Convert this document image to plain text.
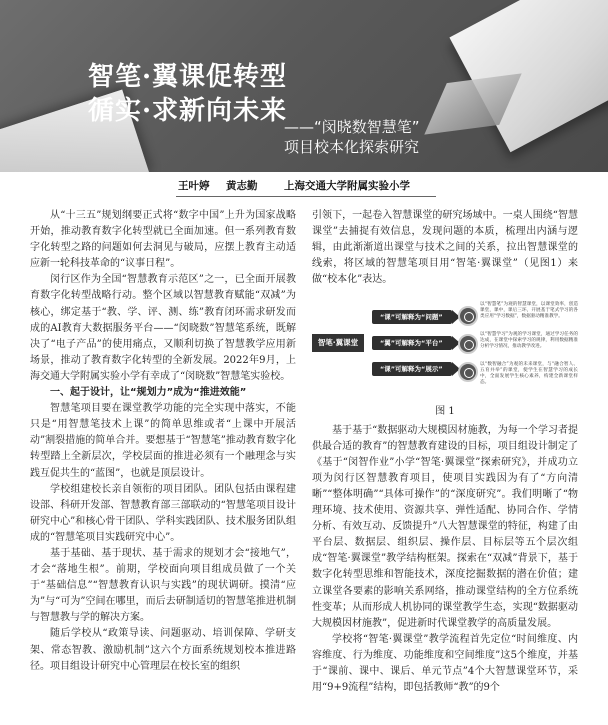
智笔·翼课促转型
循实·求新向未来
——“闵晓数智慧笔”
项目校本化探索研究
王叶婷 黄志勤	上海交通大学附属实验小学

从“十三五”规划纲要正式将“数字中国”上升为国家战略开始，推动教育数字化转型就已全面加速。但一系列教育数字化转型之路的问题如何去洞见与破局，应摆上教育主动适应新一轮科技革命的“议事日程”。

闵行区作为全国“智慧教育示范区”之一，已全面开展教育数字化转型战略行动。整个区域以智慧教育赋能“双减”为核心，绑定基于“教、学、评、测、练”教育闭环需求研发而成的AI教育大数据服务平台——“闵晓数”智慧笔系统，既解决了“电子产品”的使用痛点，又顺利切换了智慧教学应用新场景，推动了教育数字化转型的全新发展。2022年9月，上海交通大学附属实验小学有幸成了“闵晓数”智慧笔实验校。

一、起于设计，让“规划力”成为“推进效能”

智慧笔项目要在课堂教学功能的完全实现中落实，不能只是“用智慧笔技术上课”的简单思维或者“上课中开展活动”割裂措施的简单合并。要想基于“智慧笔”推动教育数字化转型踏上全新层次，学校层面的推进必须有一个融理念与实践互促共生的“蓝图”，也就是顶层设计。

学校组建校长亲自领衔的项目团队。团队包括由课程建设部、科研开发部、智慧教育部三部联动的“智慧笔项目设计研究中心”和核心骨干团队、学科实践团队、技术服务团队组成的“智慧笔项目实践研究中心”。

基于基础、基于现状、基于需求的规划才会“接地气”，才会“落地生根”。前期，学校面向项目组成员做了一个关于“基础信息”“智慧教育认识与实践”的现状调研。摸清“应为”与“可为”空间在哪里，而后去研制适切的智慧笔推进机制与智慧教与学的解决方案。

随后学校从“政策导读、问题驱动、培训保障、学研支架、常态智教、激励机制”这六个方面系统规划校本推进路径。项目组设计研究中心管理层在校长室的组织

引领下，一起卷入智慧课堂的研究场域中。一桌人围绕“智慧课堂”去捕捉有效信息，发现问题的本质，梳理出内涵与逻辑，由此渐渐道出课堂与技术之间的关系，拉出智慧课堂的线索，将区域的智慧笔项目用“智笔·翼课堂”（见图1）来做“校本化”表达。

智笔·翼课堂
“课”可解释为“问题”
“翼”可解释为“平台”
“课”可解释为“展示”
以“智慧笔”为观的智慧课堂，以课堂效率，创造课堂，课中，课后三环，开展基于笔式学习的各类应用“学习数据”，数据驱动精准教学。
以“智慧学习”为观的学习课堂，通过学习任务的达成，在课堂中探索学习的规律，利用数据精准分析学习情况，推动教学改进。
以“数智融合”为观的未来课堂，与“融合智人、五育并举”的课堂，使学生在智慧学习的成长中，全面发展学生核心素养，构建全新课堂样态。

图 1

基于基于“数据驱动大规模因材施教，为每一个学习者提供最合适的教育”的智慧教育建设的目标，项目组设计制定了《基于“闵智作业”小学“智笔·翼课堂”探索研究》，并成功立项为闵行区智慧教育项目，使项目实践因为有了“方向清晰”“整体明确”“具体可操作”的“深度研究”。我们明晰了“物理环境、技术使用、资源共享、弹性适配、协同合作、学情分析、有效互动、反馈提升”八大智慧课堂的特征，构建了由平台层、数据层、组织层、操作层、目标层等五个层次组成“智笔·翼课堂”教学结构框架。探索在“双减”背景下，基于数字化转型思维和智能技术，深度挖掘数据的潜在价值；建立课堂各要素的影响关系网络，推动课堂结构的全方位系统性变革；从而形成人机协同的课堂教学生态，实现“数据驱动大规模因材施教”，促进新时代课堂教学的高质量发展。

学校将“智笔·翼课堂”教学流程首先定位“时间维度、内容维度、行为维度、功能维度和空间维度”这5个维度，并基于“课前、课中、课后、单元节点”4个大智慧课堂环节，采用“9+9流程”结构，即包括教师“教”的9个
